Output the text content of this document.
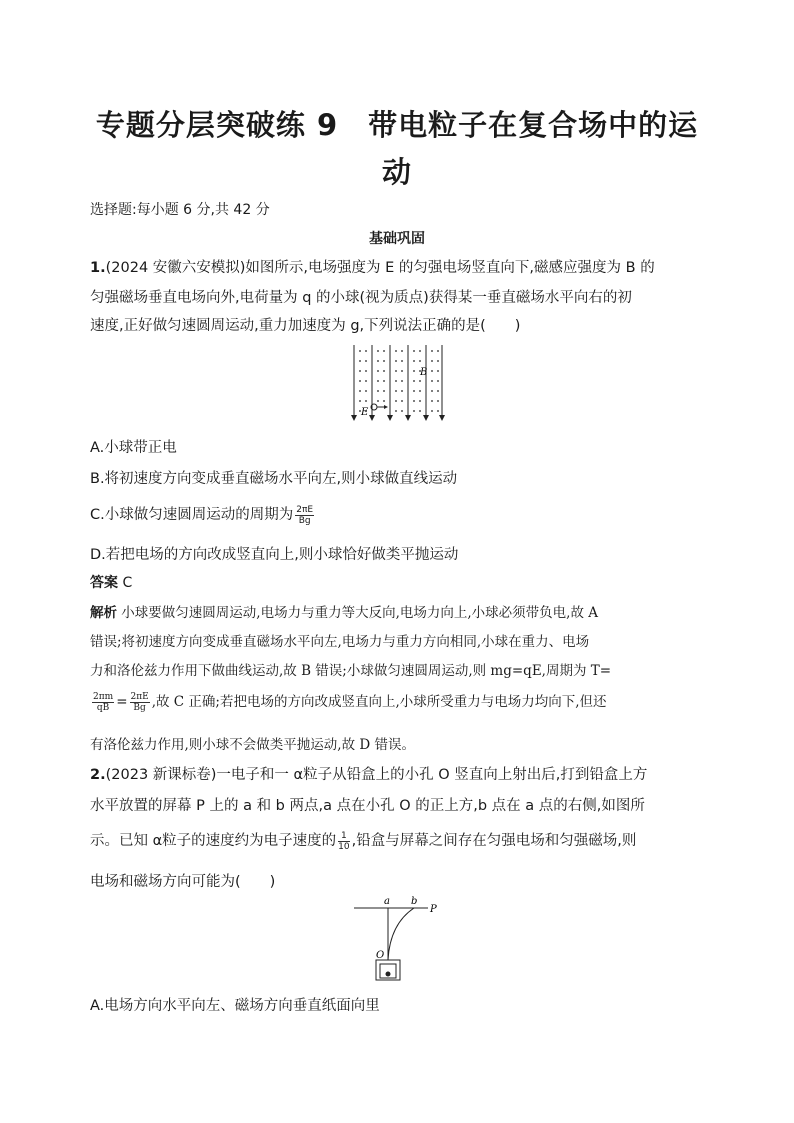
专题分层突破练 9　带电粒子在复合场中的运
动
选择题:每小题 6 分,共 42 分
基础巩固
1.(2024 安徽六安模拟)如图所示,电场强度为 E 的匀强电场竖直向下,磁感应强度为 B 的
匀强磁场垂直电场向外,电荷量为 q 的小球(视为质点)获得某一垂直磁场水平向右的初
速度,正好做匀速圆周运动,重力加速度为 g,下列说法正确的是(　　)
B
E
A.小球带正电
B.将初速度方向变成垂直磁场水平向左,则小球做直线运动
C.小球做匀速圆周运动的周期为 $\frac{2\pi E}{Bg}$
D.若把电场的方向改成竖直向上,则小球恰好做类平抛运动
答案 C
解析 小球要做匀速圆周运动,电场力与重力等大反向,电场力向上,小球必须带负电,故 A
错误;将初速度方向变成垂直磁场水平向左,电场力与重力方向相同,小球在重力、电场
力和洛伦兹力作用下做曲线运动,故 B 错误;小球做匀速圆周运动,则 mg=qE,周期为 T=
$\frac{2\pi m}{qB} = \frac{2\pi E}{Bg}$ ,故 C 正确;若把电场的方向改成竖直向上,小球所受重力与电场力均向下,但还
有洛伦兹力作用,则小球不会做类平抛运动,故 D 错误。
2.(2023 新课标卷)一电子和一 α粒子从铅盒上的小孔 O 竖直向上射出后,打到铅盒上方
水平放置的屏幕 P 上的 a 和 b 两点,a 点在小孔 O 的正上方,b 点在 a 点的右侧,如图所
示。已知 α粒子的速度约为电子速度的 $\frac{1}{10}$ ,铅盒与屏幕之间存在匀强电场和匀强磁场,则
电场和磁场方向可能为(　　)
a b
P
O
A.电场方向水平向左、磁场方向垂直纸面向里
